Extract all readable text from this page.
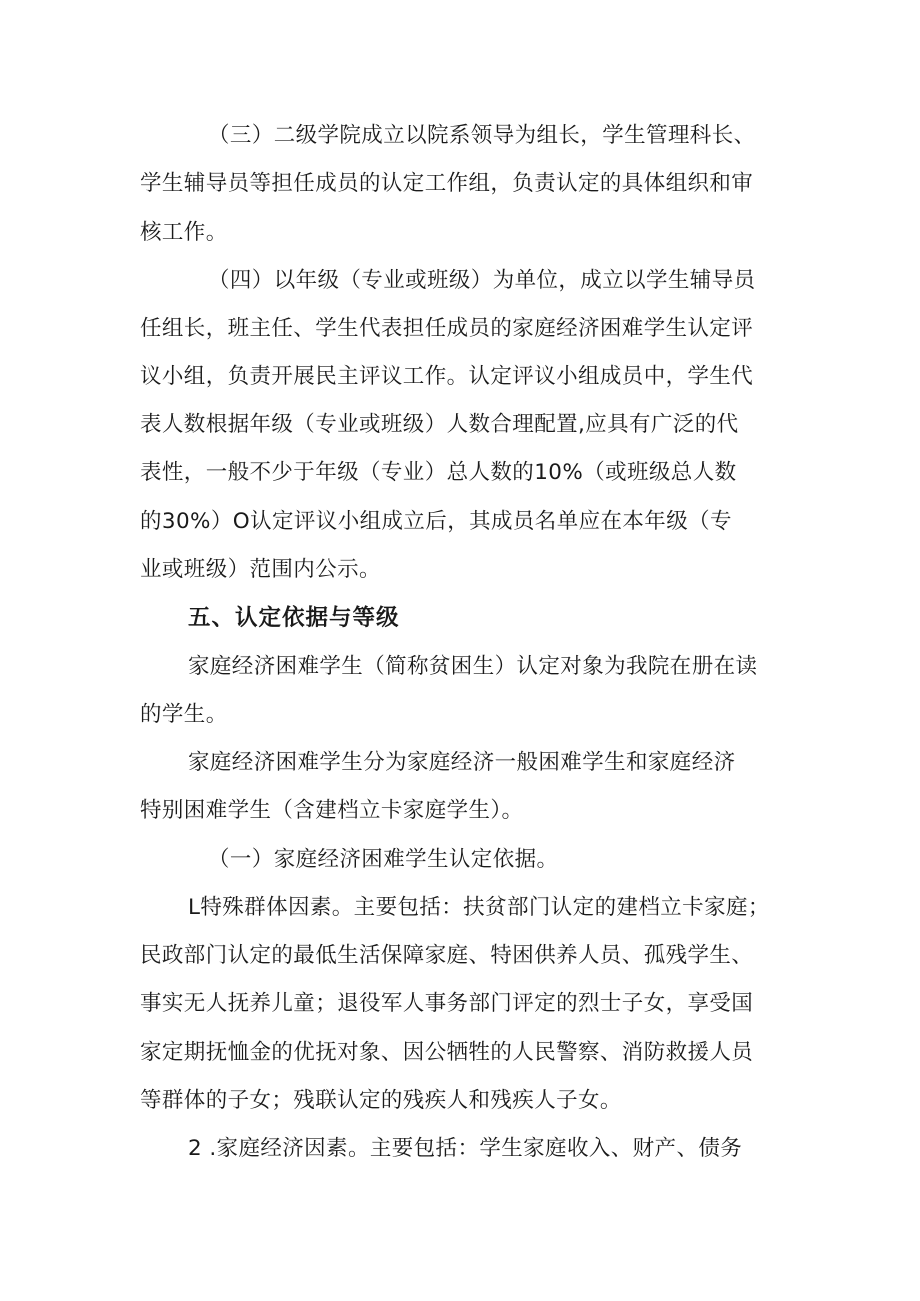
（三）二级学院成立以院系领导为组长，学生管理科长、
学生辅导员等担任成员的认定工作组，负责认定的具体组织和审
核工作。
（四）以年级（专业或班级）为单位，成立以学生辅导员
任组长，班主任、学生代表担任成员的家庭经济困难学生认定评
议小组，负责开展民主评议工作。认定评议小组成员中，学生代
表人数根据年级（专业或班级）人数合理配置,应具有广泛的代
表性，一般不少于年级（专业）总人数的10%（或班级总人数
的30%）O认定评议小组成立后，其成员名单应在本年级（专
业或班级）范围内公示。
五、认定依据与等级
家庭经济困难学生（简称贫困生）认定对象为我院在册在读
的学生。
家庭经济困难学生分为家庭经济一般困难学生和家庭经济
特别困难学生（含建档立卡家庭学生）。
（一）家庭经济困难学生认定依据。
L特殊群体因素。主要包括：扶贫部门认定的建档立卡家庭；
民政部门认定的最低生活保障家庭、特困供养人员、孤残学生、
事实无人抚养儿童；退役军人事务部门评定的烈士子女，享受国
家定期抚恤金的优抚对象、因公牺牲的人民警察、消防救援人员
等群体的子女；残联认定的残疾人和残疾人子女。
2 .家庭经济因素。主要包括：学生家庭收入、财产、债务
